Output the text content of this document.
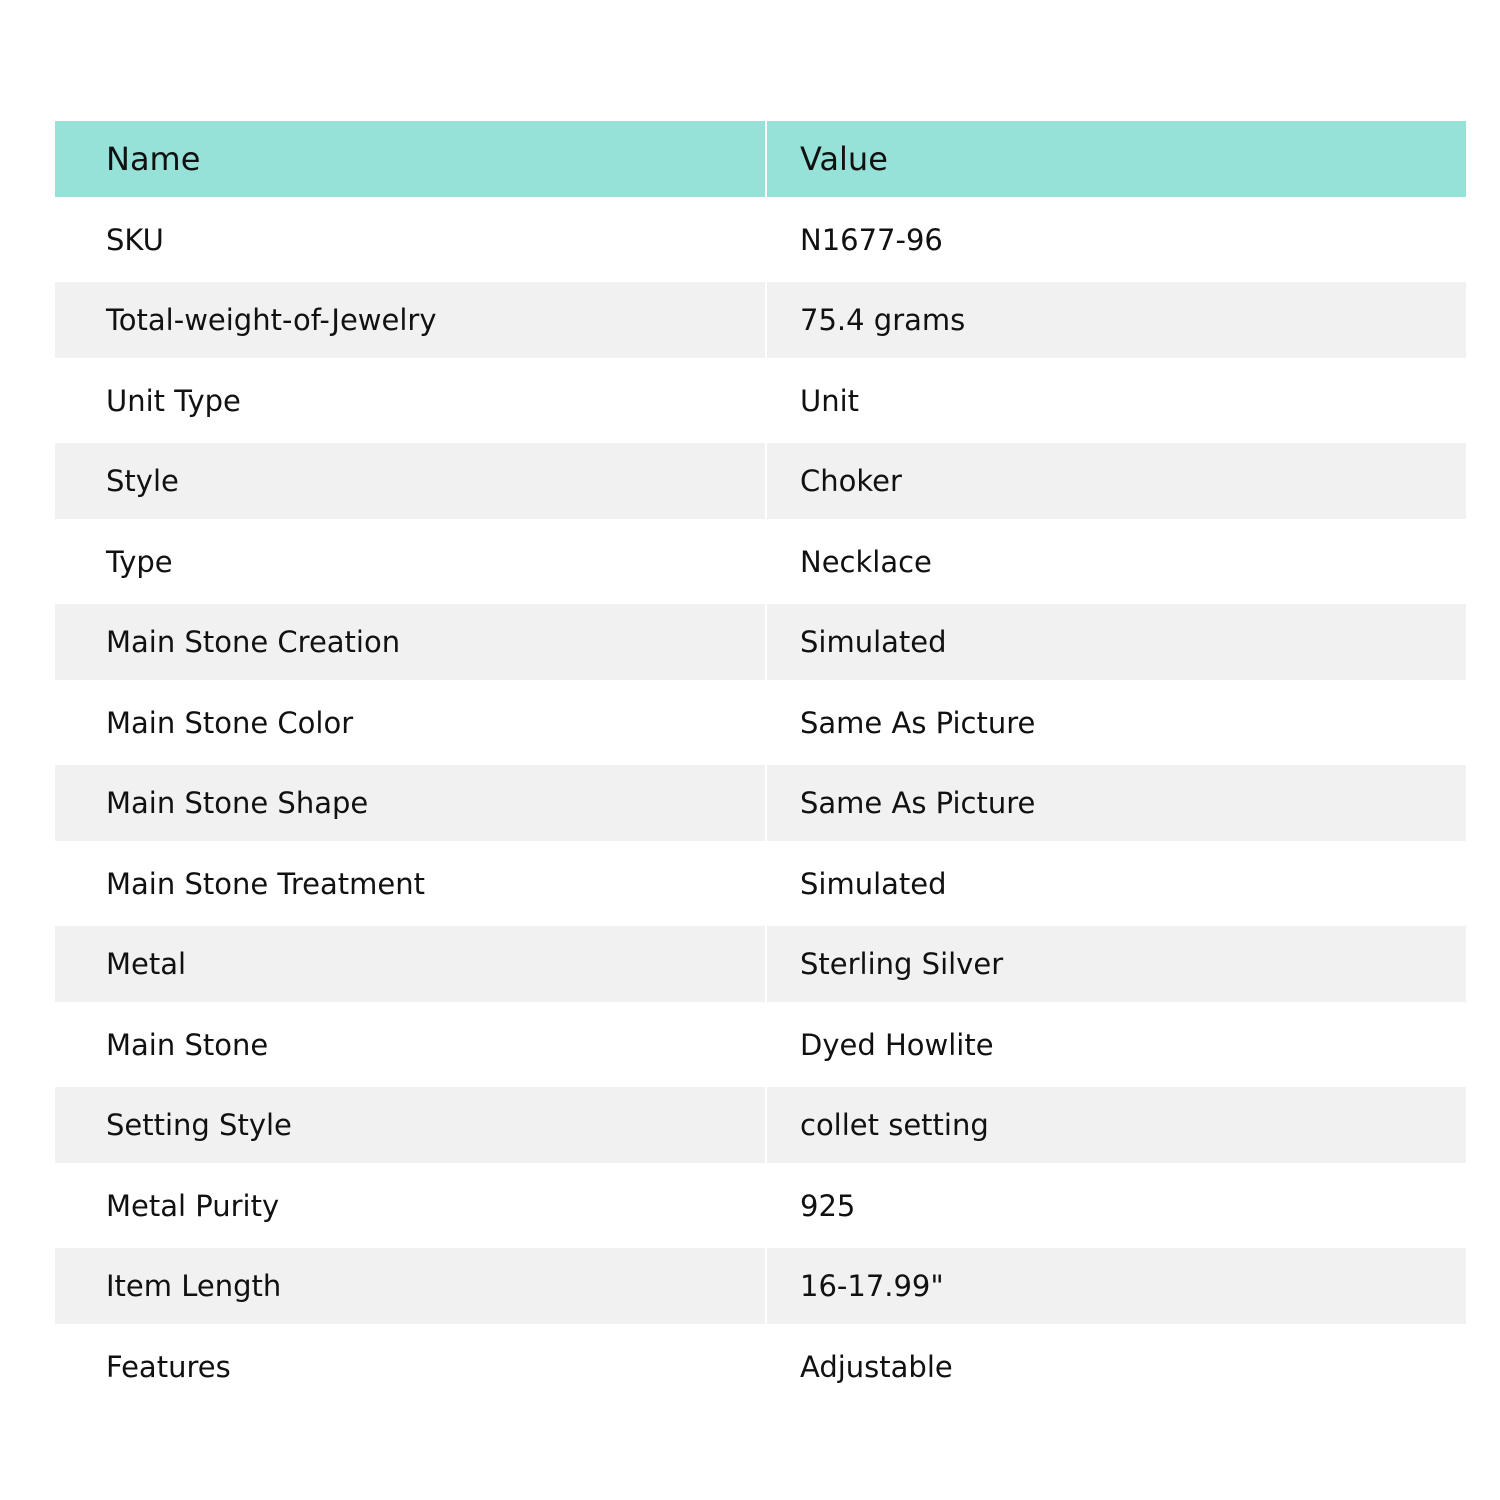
Name	Value
SKU	N1677-96
Total-weight-of-Jewelry	75.4 grams
Unit Type	Unit
Style	Choker
Type	Necklace
Main Stone Creation	Simulated
Main Stone Color	Same As Picture
Main Stone Shape	Same As Picture
Main Stone Treatment	Simulated
Metal	Sterling Silver
Main Stone	Dyed Howlite
Setting Style	collet setting
Metal Purity	925
Item Length	16-17.99"
Features	Adjustable
